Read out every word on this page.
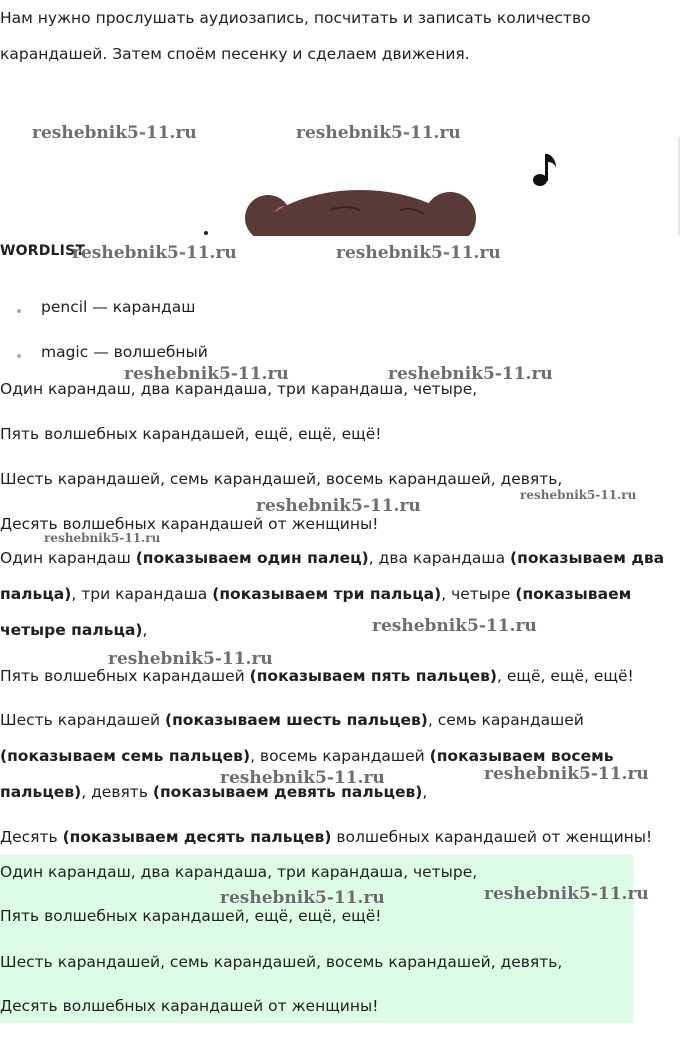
Нам нужно прослушать аудиозапись, посчитать и записать количество карандашей. Затем споём песенку и сделаем движения.
WORDLIST
pencil — карандаш
magic — волшебный
Один карандаш, два карандаша, три карандаша, четыре,
Пять волшебных карандашей, ещё, ещё, ещё!
Шесть карандашей, семь карандашей, восемь карандашей, девять,
Десять волшебных карандашей от женщины!
Один карандаш (показываем один палец), два карандаша (показываем два
пальца), три карандаша (показываем три пальца), четыре (показываем
четыре пальца),
Пять волшебных карандашей (показываем пять пальцев), ещё, ещё, ещё!
Шесть карандашей (показываем шесть пальцев), семь карандашей
(показываем семь пальцев), восемь карандашей (показываем восемь
пальцев), девять (показываем девять пальцев),
Десять (показываем десять пальцев) волшебных карандашей от женщины!
Один карандаш, два карандаша, три карандаша, четыре,
Пять волшебных карандашей, ещё, ещё, ещё!
Шесть карандашей, семь карандашей, восемь карандашей, девять,
Десять волшебных карандашей от женщины!
reshebnik5-11.ru	reshebnik5-11.ru
reshebnik5-11.ru	reshebnik5-11.ru
reshebnik5-11.ru	reshebnik5-11.ru
reshebnik5-11.ru
reshebnik5-11.ru
reshebnik5-11.ru
reshebnik5-11.ru
reshebnik5-11.ru
reshebnik5-11.ru	reshebnik5-11.ru
reshebnik5-11.ru	reshebnik5-11.ru
